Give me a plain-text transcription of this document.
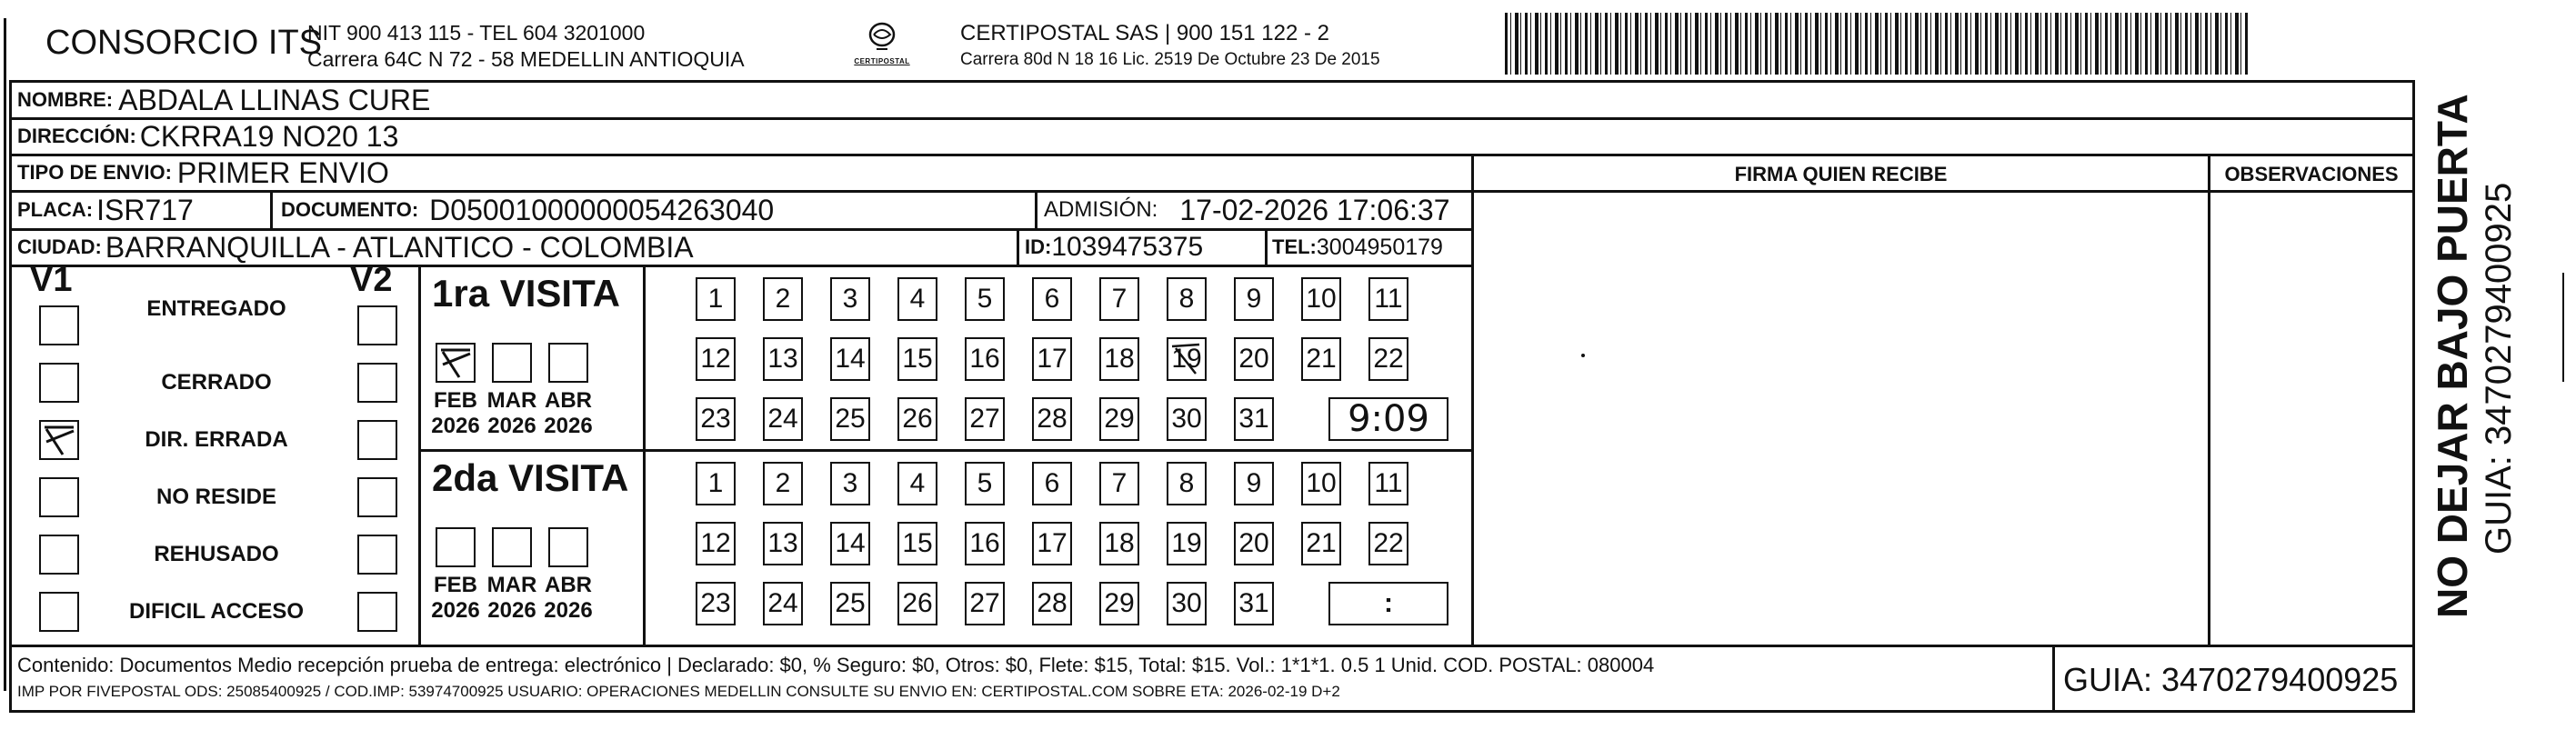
CONSORCIO ITS
NIT 900 413 115 - TEL 604 3201000
Carrera 64C N 72 - 58 MEDELLIN ANTIOQUIA	CERTIPOSTAL
CERTIPOSTAL SAS | 900 151 122 - 2
Carrera 80d N 18 16 Lic. 2519 De Octubre 23 De 2015
NOMBRE: ABDALA LLINAS CURE
DIRECCIÓN: CKRRA19 NO20 13
TIPO DE ENVIO: PRIMER ENVIO	FIRMA QUIEN RECIBE	OBSERVACIONES
PLACA: ISR717	DOCUMENTO: D05001000000054263040	ADMISIÓN: 17-02-2026 17:06:37
CIUDAD: BARRANQUILLA - ATLANTICO - COLOMBIA	ID: 1039475375	TEL: 3004950179
V1	V2
ENTREGADO
CERRADO
DIR. ERRADA
NO RESIDE
REHUSADO
DIFICIL ACCESO
1ra VISITA
FEB
2026
MAR
2026
ABR
2026
1	2	3	4	5	6	7	8	9	10 11
12 13 14 15 16 17 18 19 20 21 22
23 24 25 26 27 28 29 30 31 9:09
2da VISITA
FEB
2026
MAR
2026
ABR
2026
1	2	3	4	5	6	7	8	9	10 11
12 13 14 15 16 17 18 19 20 21 22
23 24 25 26 27 28 29 30 31	:
Contenido: Documentos Medio recepción prueba de entrega: electrónico | Declarado: $0, % Seguro: $0, Otros: $0, Flete: $15, Total: $15. Vol.: 1*1*1. 0.5 1 Unid. COD. POSTAL: 080004
IMP POR FIVEPOSTAL ODS: 25085400925 / COD.IMP: 53974700925 USUARIO: OPERACIONES MEDELLIN CONSULTE SU ENVIO EN: CERTIPOSTAL.COM SOBRE ETA: 2026-02-19 D+2	GUIA: 3470279400925
NO DEJAR BAJO PUERTA GUIA: 3470279400925
